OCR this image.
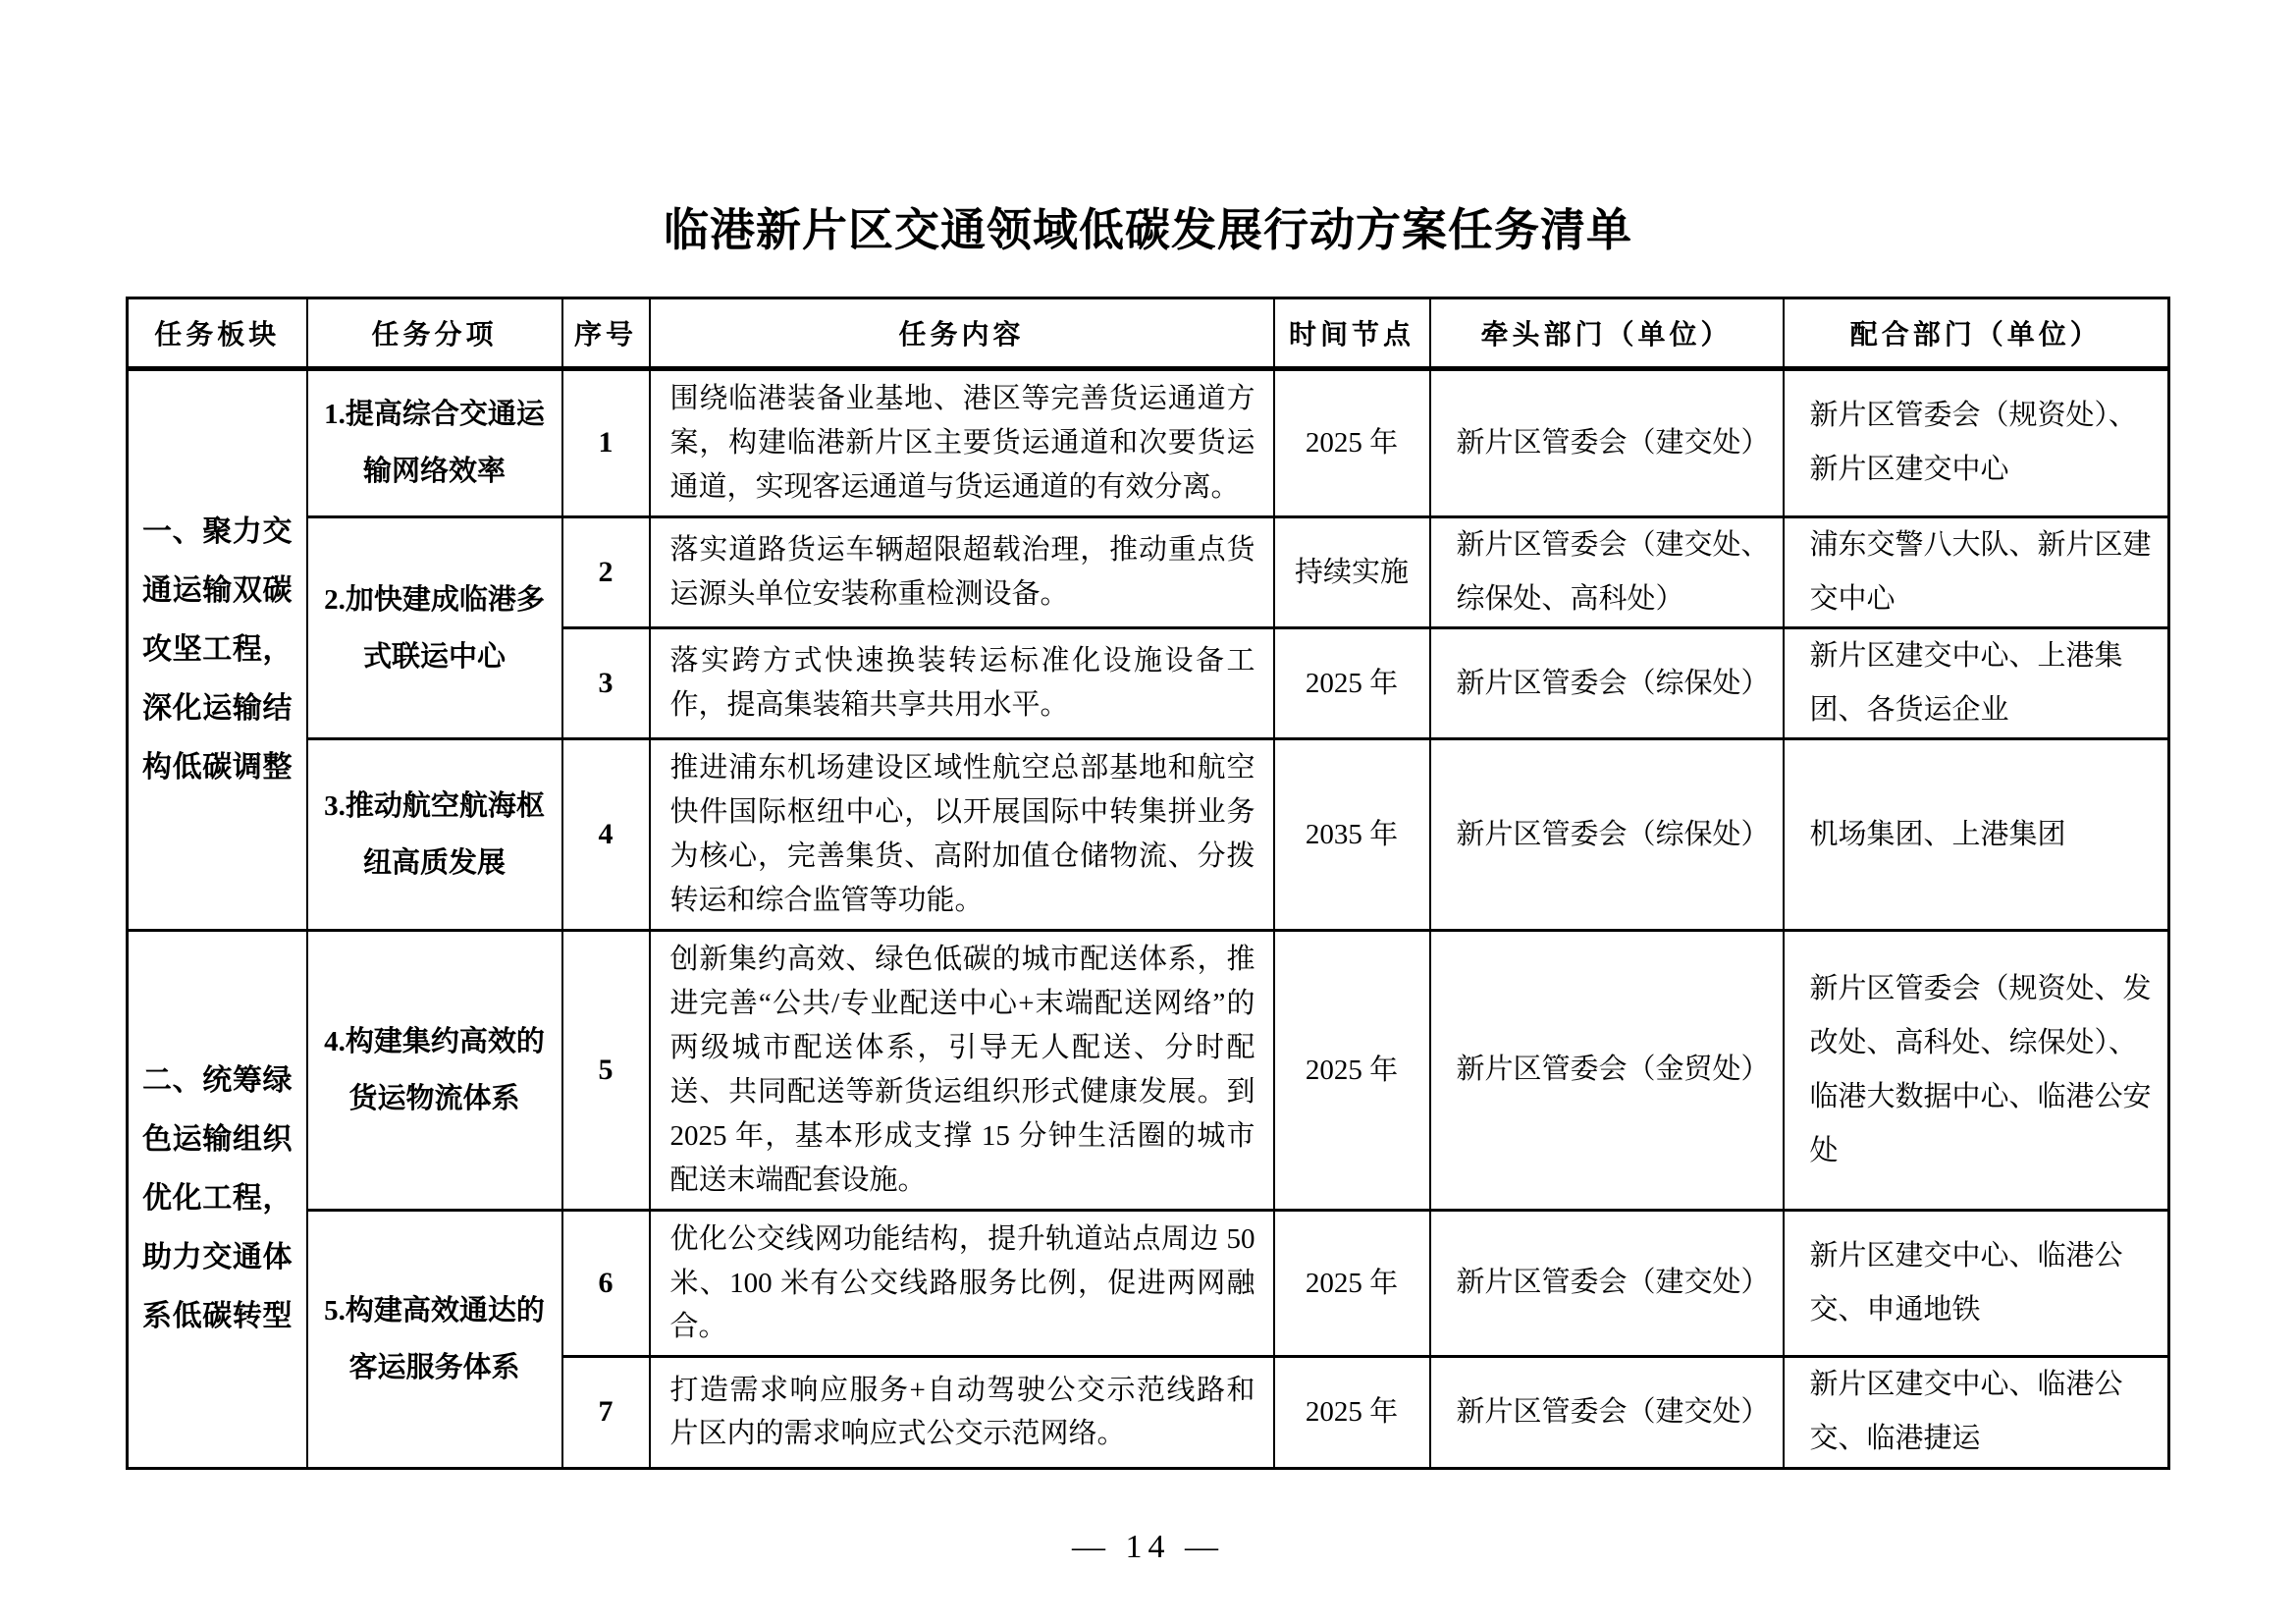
临港新片区交通领域低碳发展行动方案任务清单
任务板块	任务分项	序号	任务内容	时间节点	牵头部门（单位）	配合部门（单位）
一、聚力交通运输双碳攻坚工程，深化运输结构低碳调整	1.提高综合交通运输网络效率	1	围绕临港装备业基地、港区等完善货运通道方案，构建临港新片区主要货运通道和次要货运通道，实现客运通道与货运通道的有效分离。	2025 年	新片区管委会（建交处）	新片区管委会（规资处）、新片区建交中心
	2.加快建成临港多式联运中心	2	落实道路货运车辆超限超载治理，推动重点货运源头单位安装称重检测设备。	持续实施	新片区管委会（建交处、综保处、高科处）	浦东交警八大队、新片区建交中心
		3	落实跨方式快速换装转运标准化设施设备工作，提高集装箱共享共用水平。	2025 年	新片区管委会（综保处）	新片区建交中心、上港集团、各货运企业
	3.推动航空航海枢纽高质发展	4	推进浦东机场建设区域性航空总部基地和航空快件国际枢纽中心，以开展国际中转集拼业务为核心，完善集货、高附加值仓储物流、分拨转运和综合监管等功能。	2035 年	新片区管委会（综保处）	机场集团、上港集团
二、统筹绿色运输组织优化工程，助力交通体系低碳转型	4.构建集约高效的货运物流体系	5	创新集约高效、绿色低碳的城市配送体系，推进完善“公共/专业配送中心+末端配送网络”的两级城市配送体系，引导无人配送、分时配送、共同配送等新货运组织形式健康发展。到 2025 年，基本形成支撑 15 分钟生活圈的城市配送末端配套设施。	2025 年	新片区管委会（金贸处）	新片区管委会（规资处、发改处、高科处、综保处）、临港大数据中心、临港公安处
	5.构建高效通达的客运服务体系	6	优化公交线网功能结构，提升轨道站点周边 50 米、100 米有公交线路服务比例，促进两网融合。	2025 年	新片区管委会（建交处）	新片区建交中心、临港公交、申通地铁
		7	打造需求响应服务+自动驾驶公交示范线路和片区内的需求响应式公交示范网络。	2025 年	新片区管委会（建交处）	新片区建交中心、临港公交、临港捷运
— 14 —
